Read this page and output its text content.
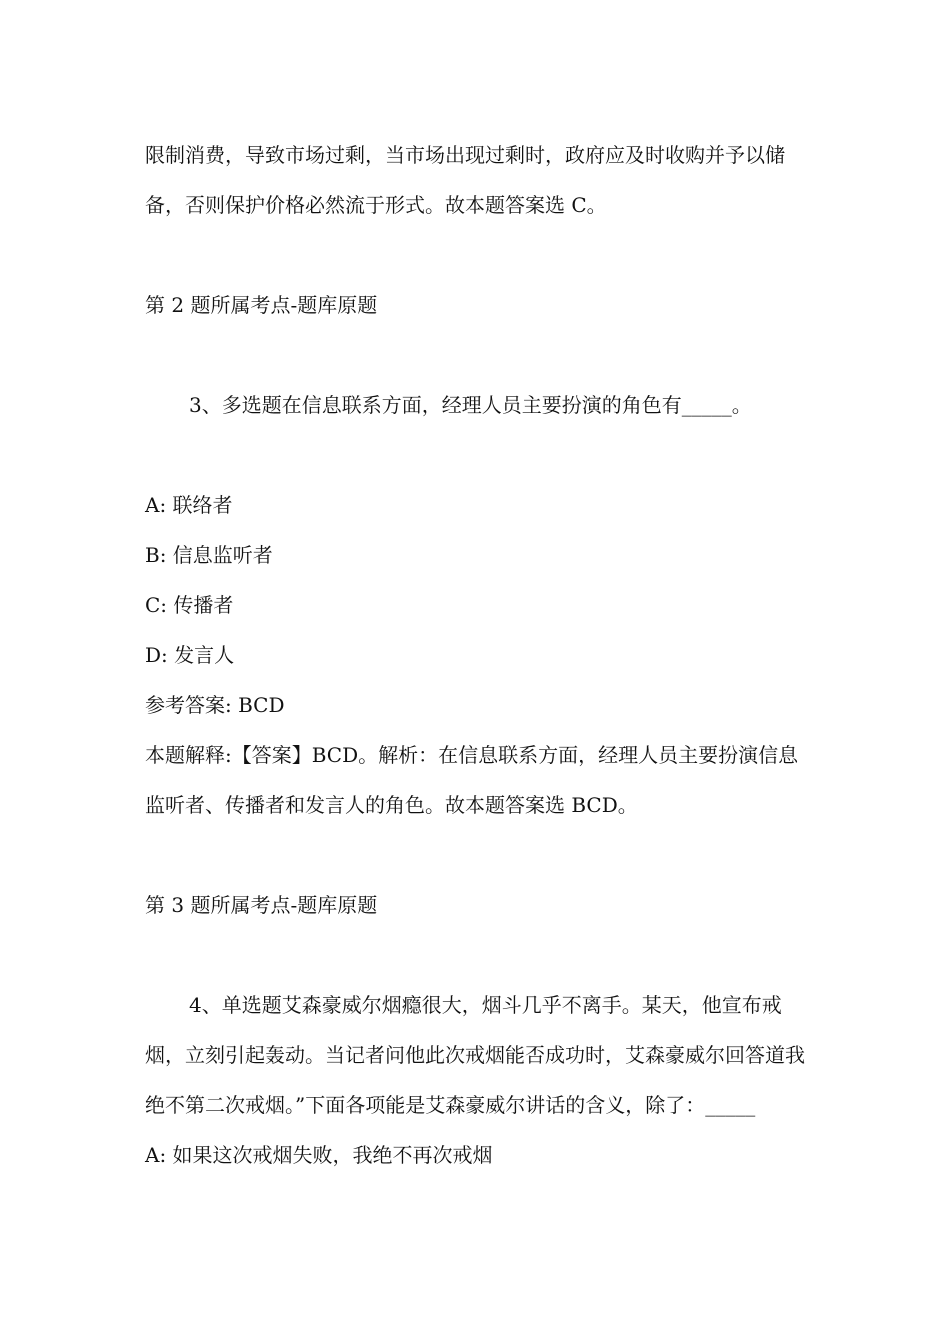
限制消费，导致市场过剩，当市场出现过剩时，政府应及时收购并予以储备，否则保护价格必然流于形式。故本题答案选 C。

第 2 题所属考点-题库原题

3、多选题在信息联系方面，经理人员主要扮演的角色有_____。

A: 联络者

B: 信息监听者

C: 传播者

D: 发言人

参考答案: BCD

本题解释:【答案】BCD。解析：在信息联系方面，经理人员主要扮演信息监听者、传播者和发言人的角色。故本题答案选 BCD。

第 3 题所属考点-题库原题

4、单选题艾森豪威尔烟瘾很大，烟斗几乎不离手。某天，他宣布戒烟，立刻引起轰动。当记者问他此次戒烟能否成功时，艾森豪威尔回答道我绝不第二次戒烟。”下面各项能是艾森豪威尔讲话的含义，除了：_____

A: 如果这次戒烟失败，我绝不再次戒烟
